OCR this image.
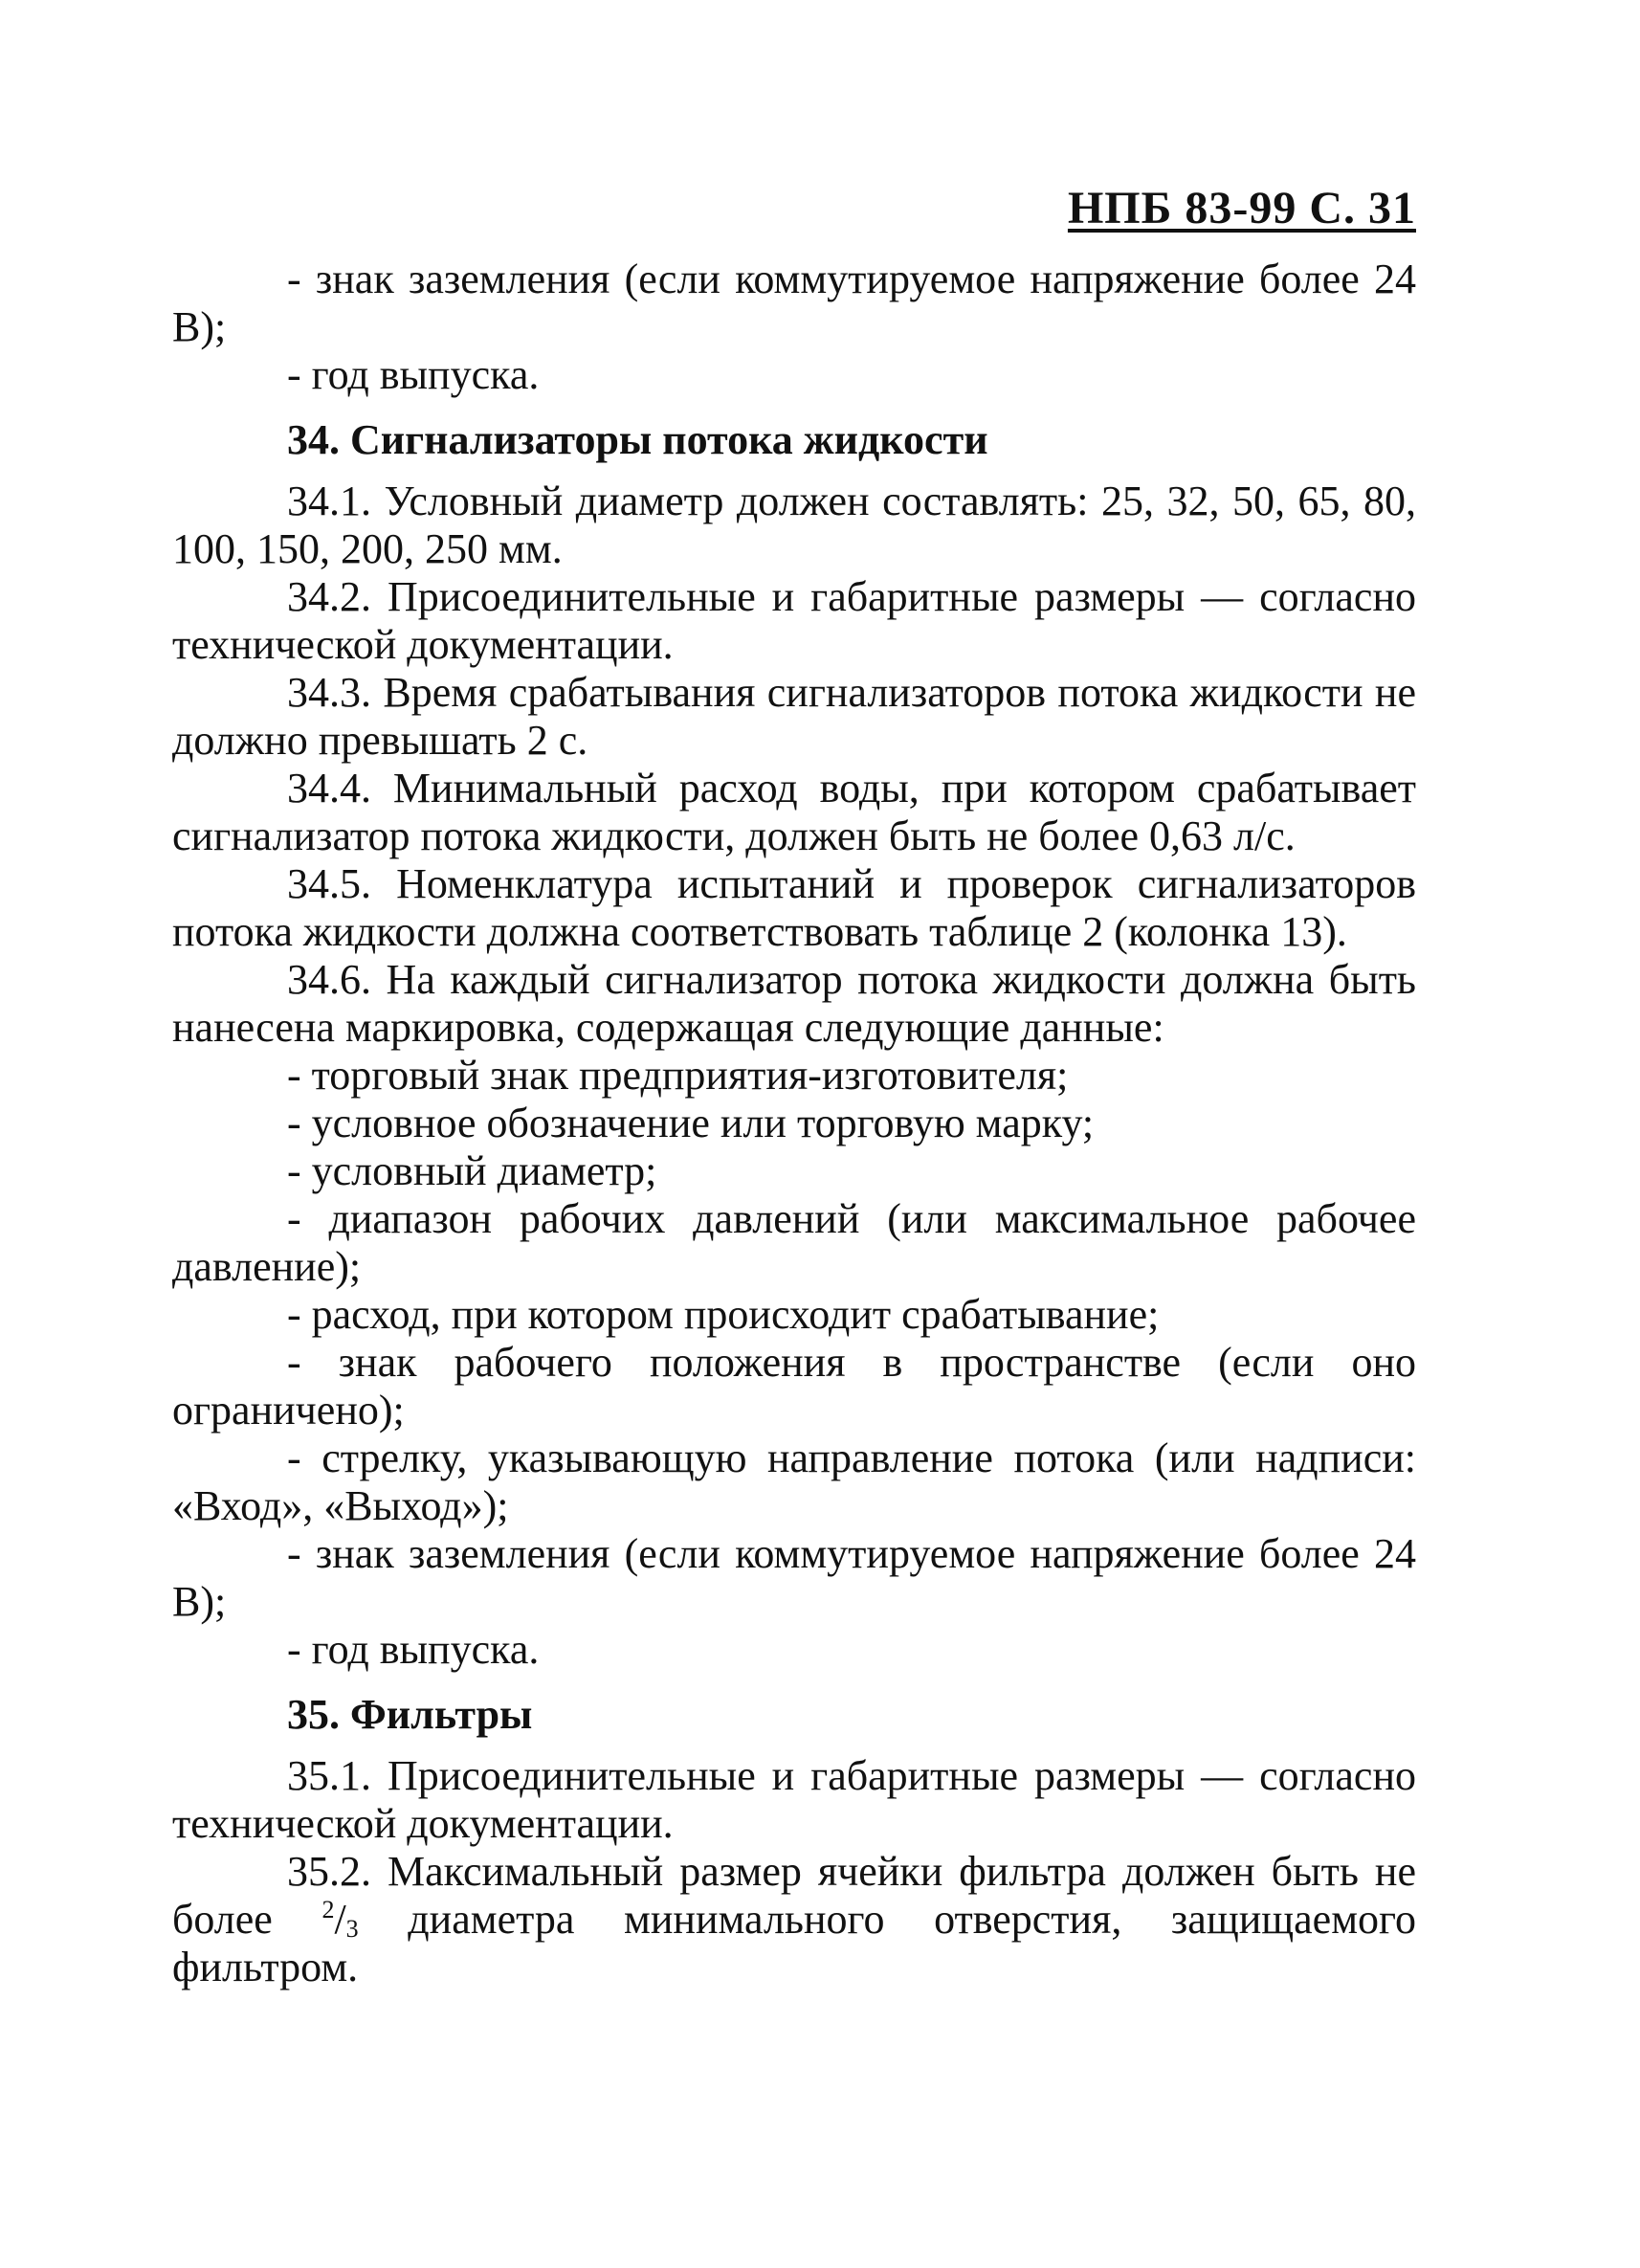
НПБ 83-99 С. 31

- знак заземления (если коммутируемое напряжение более 24 В);

- год выпуска.

34. Сигнализаторы потока жидкости

34.1. Условный диаметр должен составлять: 25, 32, 50, 65, 80, 100, 150, 200, 250 мм.

34.2. Присоединительные и габаритные размеры — согласно технической документации.

34.3. Время срабатывания сигнализаторов потока жидкости не должно превышать 2 с.

34.4. Минимальный расход воды, при котором срабатывает сигнализатор потока жидкости, должен быть не более 0,63 л/с.

34.5. Номенклатура испытаний и проверок сигнализаторов потока жидкости должна соответствовать таблице 2 (колонка 13).

34.6. На каждый сигнализатор потока жидкости должна быть нанесена маркировка, содержащая следующие данные:

- торговый знак предприятия-изготовителя;

- условное обозначение или торговую марку;

- условный диаметр;

- диапазон рабочих давлений (или максимальное рабочее давление);

- расход, при котором происходит срабатывание;

- знак рабочего положения в пространстве (если оно ограничено);

- стрелку, указывающую направление потока (или надписи: «Вход», «Выход»);

- знак заземления (если коммутируемое напряжение более 24 В);

- год выпуска.

35. Фильтры

35.1. Присоединительные и габаритные размеры — согласно технической документации.

35.2. Максимальный размер ячейки фильтра должен быть не более $^2/_3$ диаметра минимального отверстия, защищаемого фильтром.
